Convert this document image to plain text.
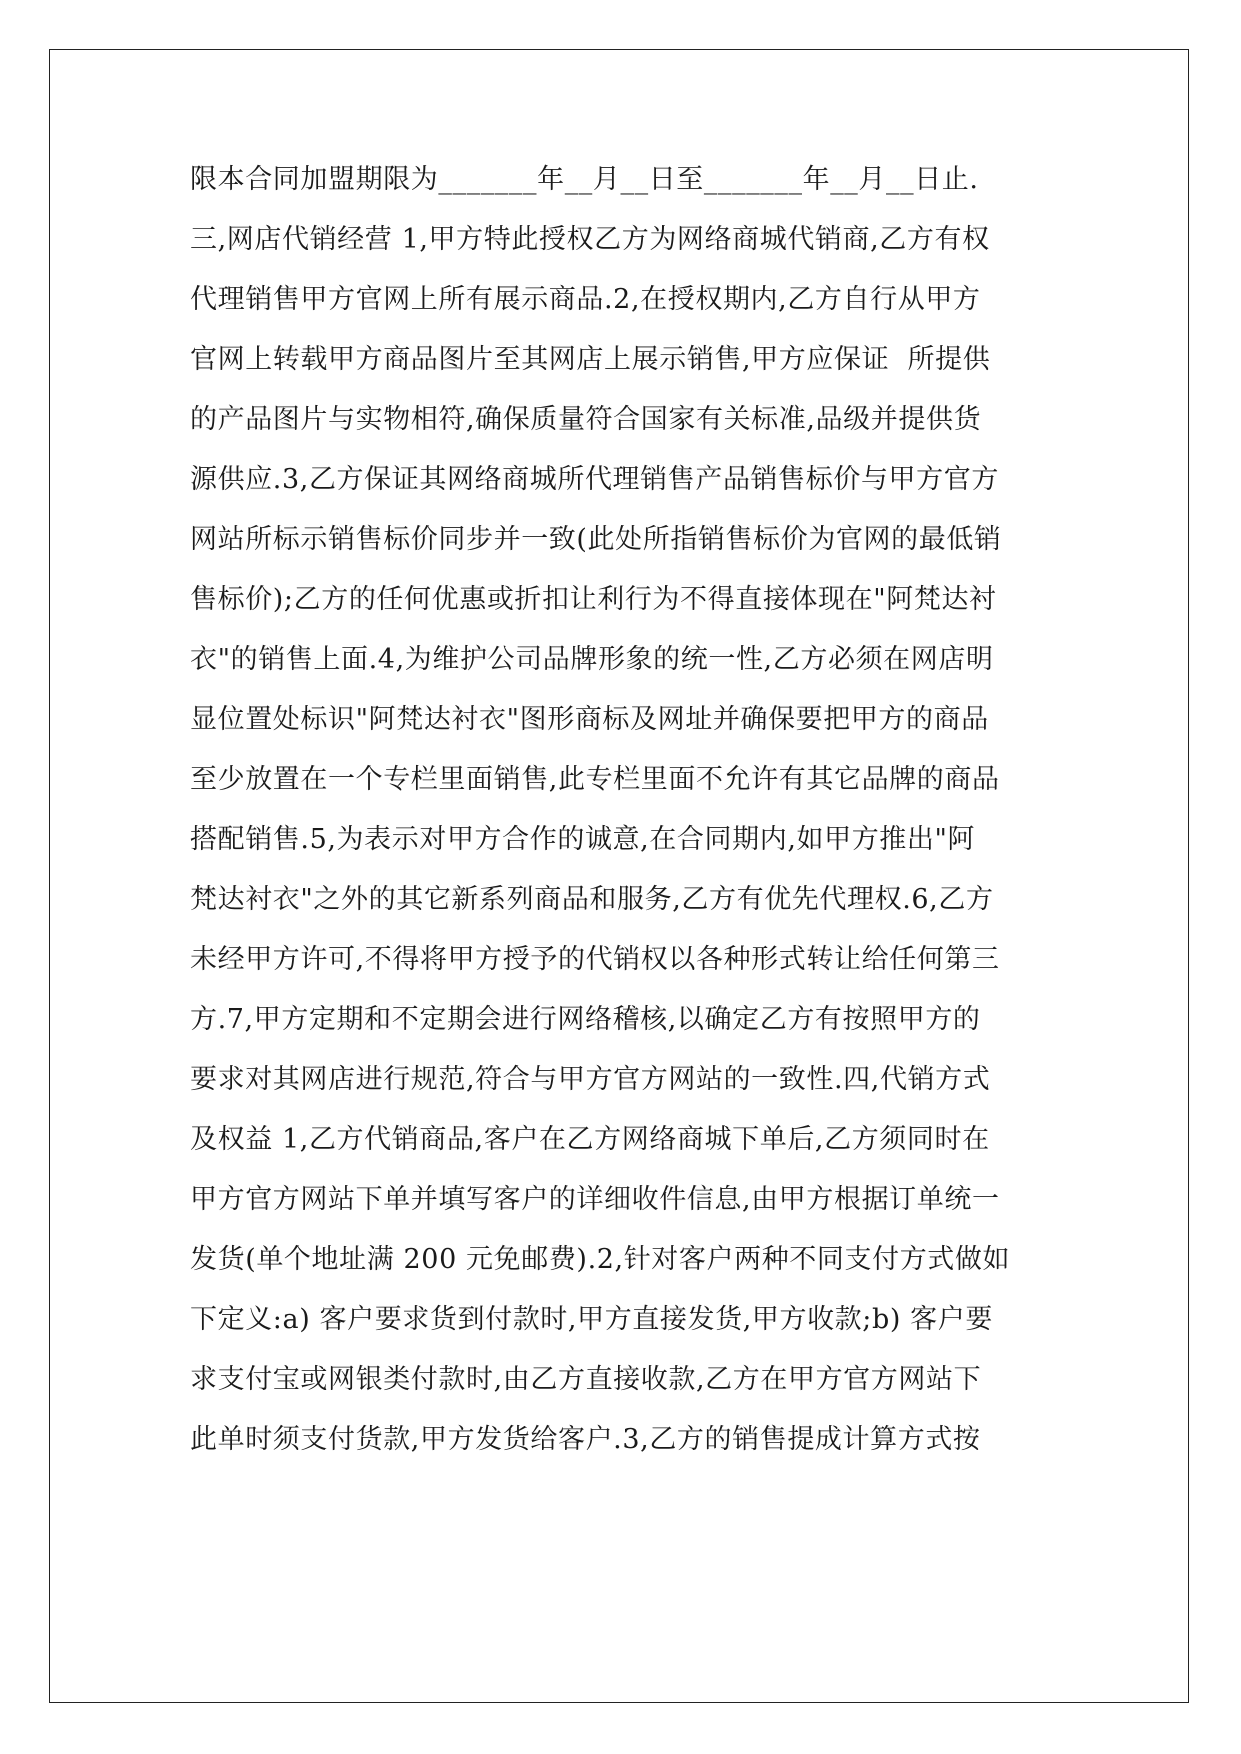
限本合同加盟期限为_______年__月__日至_______年__月__日止.
三,网店代销经营 1,甲方特此授权乙方为网络商城代销商,乙方有权
代理销售甲方官网上所有展示商品.2,在授权期内,乙方自行从甲方
官网上转载甲方商品图片至其网店上展示销售,甲方应保证  所提供
的产品图片与实物相符,确保质量符合国家有关标准,品级并提供货
源供应.3,乙方保证其网络商城所代理销售产品销售标价与甲方官方
网站所标示销售标价同步并一致(此处所指销售标价为官网的最低销
售标价);乙方的任何优惠或折扣让利行为不得直接体现在"阿梵达衬
衣"的销售上面.4,为维护公司品牌形象的统一性,乙方必须在网店明
显位置处标识"阿梵达衬衣"图形商标及网址并确保要把甲方的商品
至少放置在一个专栏里面销售,此专栏里面不允许有其它品牌的商品
搭配销售.5,为表示对甲方合作的诚意,在合同期内,如甲方推出"阿
梵达衬衣"之外的其它新系列商品和服务,乙方有优先代理权.6,乙方
未经甲方许可,不得将甲方授予的代销权以各种形式转让给任何第三
方.7,甲方定期和不定期会进行网络稽核,以确定乙方有按照甲方的
要求对其网店进行规范,符合与甲方官方网站的一致性.四,代销方式
及权益 1,乙方代销商品,客户在乙方网络商城下单后,乙方须同时在
甲方官方网站下单并填写客户的详细收件信息,由甲方根据订单统一
发货(单个地址满 200 元免邮费).2,针对客户两种不同支付方式做如
下定义:a) 客户要求货到付款时,甲方直接发货,甲方收款;b) 客户要
求支付宝或网银类付款时,由乙方直接收款,乙方在甲方官方网站下
此单时须支付货款,甲方发货给客户.3,乙方的销售提成计算方式按
